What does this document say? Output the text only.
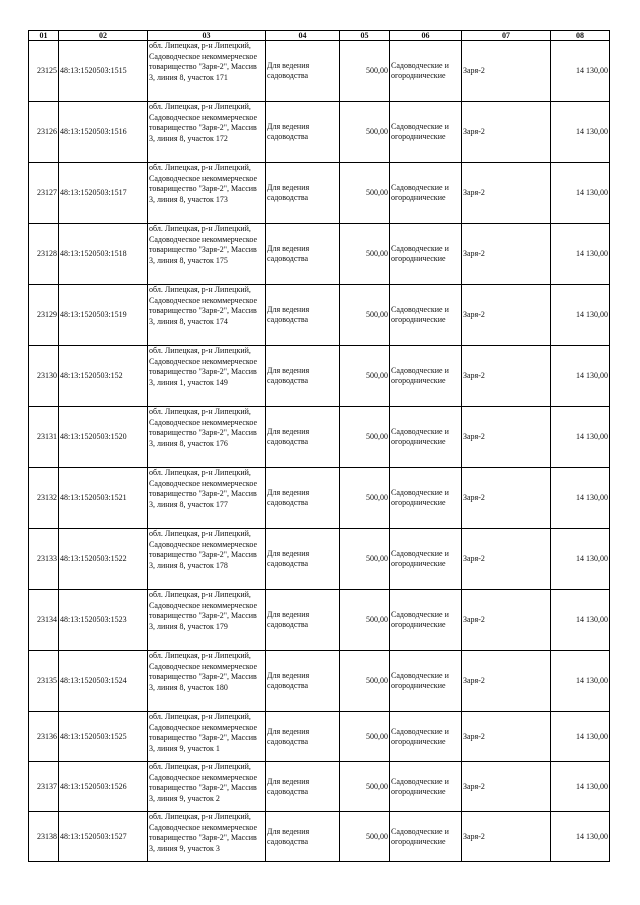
01	02	03	04	05	06	07	08
23125	48:13:1520503:1515	обл. Липецкая, р-н Липецкий, Садоводческое некоммерческое товарищество "Заря-2", Массив 3, линия 8, участок 171	Для ведения садоводства	500,00	Садоводческие и огороднические	Заря-2	14 130,00
23126	48:13:1520503:1516	обл. Липецкая, р-н Липецкий, Садоводческое некоммерческое товарищество "Заря-2", Массив 3, линия 8, участок 172	Для ведения садоводства	500,00	Садоводческие и огороднические	Заря-2	14 130,00
23127	48:13:1520503:1517	обл. Липецкая, р-н Липецкий, Садоводческое некоммерческое товарищество "Заря-2", Массив 3, линия 8, участок 173	Для ведения садоводства	500,00	Садоводческие и огороднические	Заря-2	14 130,00
23128	48:13:1520503:1518	обл. Липецкая, р-н Липецкий, Садоводческое некоммерческое товарищество "Заря-2", Массив 3, линия 8, участок 175	Для ведения садоводства	500,00	Садоводческие и огороднические	Заря-2	14 130,00
23129	48:13:1520503:1519	обл. Липецкая, р-н Липецкий, Садоводческое некоммерческое товарищество "Заря-2", Массив 3, линия 8, участок 174	Для ведения садоводства	500,00	Садоводческие и огороднические	Заря-2	14 130,00
23130	48:13:1520503:152	обл. Липецкая, р-н Липецкий, Садоводческое некоммерческое товарищество "Заря-2", Массив 3, линия 1, участок 149	Для ведения садоводства	500,00	Садоводческие и огороднические	Заря-2	14 130,00
23131	48:13:1520503:1520	обл. Липецкая, р-н Липецкий, Садоводческое некоммерческое товарищество "Заря-2", Массив 3, линия 8, участок 176	Для ведения садоводства	500,00	Садоводческие и огороднические	Заря-2	14 130,00
23132	48:13:1520503:1521	обл. Липецкая, р-н Липецкий, Садоводческое некоммерческое товарищество "Заря-2", Массив 3, линия 8, участок 177	Для ведения садоводства	500,00	Садоводческие и огороднические	Заря-2	14 130,00
23133	48:13:1520503:1522	обл. Липецкая, р-н Липецкий, Садоводческое некоммерческое товарищество "Заря-2", Массив 3, линия 8, участок 178	Для ведения садоводства	500,00	Садоводческие и огороднические	Заря-2	14 130,00
23134	48:13:1520503:1523	обл. Липецкая, р-н Липецкий, Садоводческое некоммерческое товарищество "Заря-2", Массив 3, линия 8, участок 179	Для ведения садоводства	500,00	Садоводческие и огороднические	Заря-2	14 130,00
23135	48:13:1520503:1524	обл. Липецкая, р-н Липецкий, Садоводческое некоммерческое товарищество "Заря-2", Массив 3, линия 8, участок 180	Для ведения садоводства	500,00	Садоводческие и огороднические	Заря-2	14 130,00
23136	48:13:1520503:1525	обл. Липецкая, р-н Липецкий, Садоводческое некоммерческое товарищество "Заря-2", Массив 3, линия 9, участок 1	Для ведения садоводства	500,00	Садоводческие и огороднические	Заря-2	14 130,00
23137	48:13:1520503:1526	обл. Липецкая, р-н Липецкий, Садоводческое некоммерческое товарищество "Заря-2", Массив 3, линия 9, участок 2	Для ведения садоводства	500,00	Садоводческие и огороднические	Заря-2	14 130,00
23138	48:13:1520503:1527	обл. Липецкая, р-н Липецкий, Садоводческое некоммерческое товарищество "Заря-2", Массив 3, линия 9, участок 3	Для ведения садоводства	500,00	Садоводческие и огороднические	Заря-2	14 130,00
